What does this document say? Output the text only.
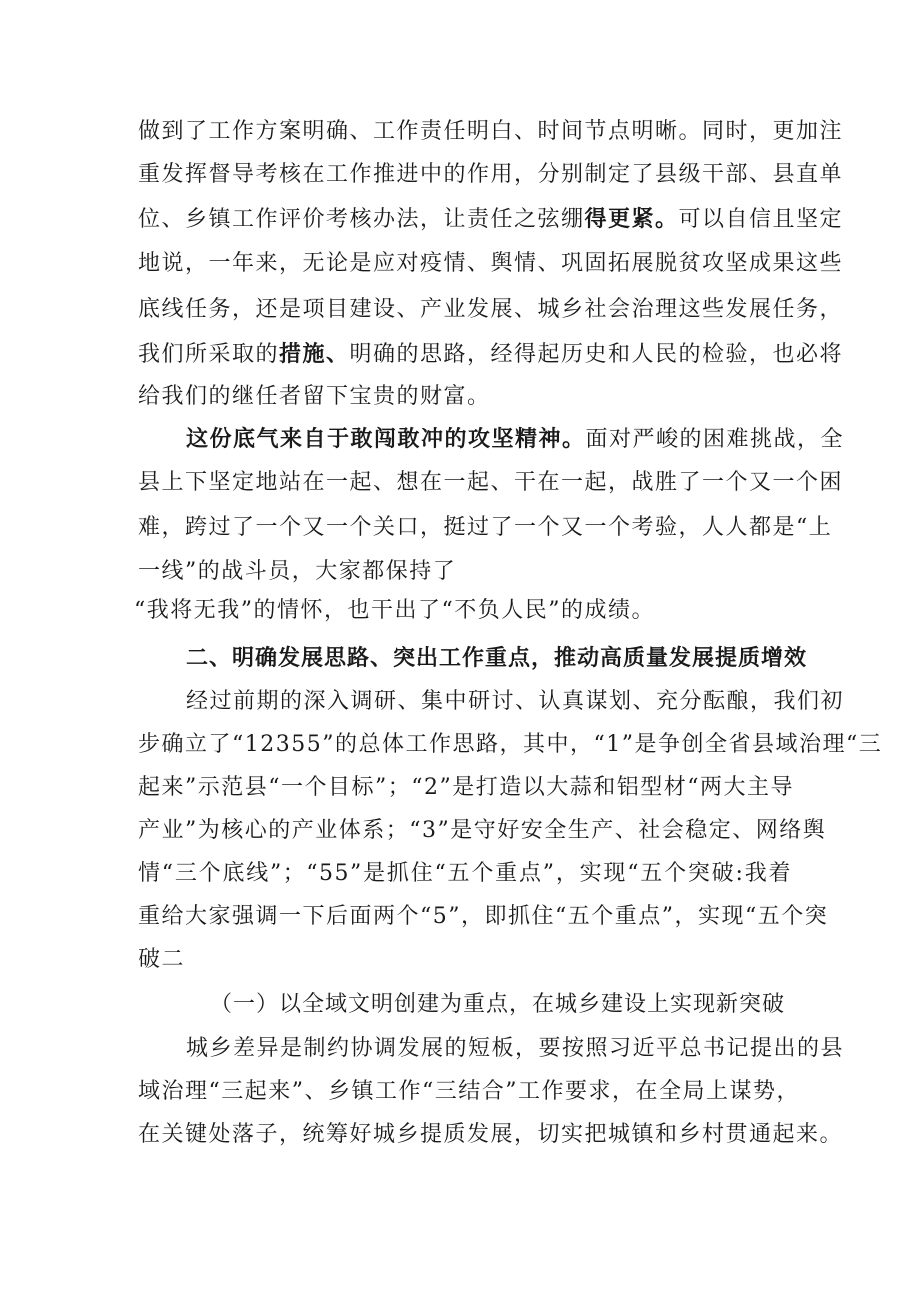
做到了工作方案明确、工作责任明白、时间节点明晰。同时，更加注
重发挥督导考核在工作推进中的作用，分别制定了县级干部、县直单
位、乡镇工作评价考核办法，让责任之弦绷得更紧。可以自信且坚定
地说，一年来，无论是应对疫情、舆情、巩固拓展脱贫攻坚成果这些
底线任务，还是项目建设、产业发展、城乡社会治理这些发展任务，
我们所采取的措施、明确的思路，经得起历史和人民的检验，也必将
给我们的继任者留下宝贵的财富。
这份底气来自于敢闯敢冲的攻坚精神。面对严峻的困难挑战，全
县上下坚定地站在一起、想在一起、干在一起，战胜了一个又一个困
难，跨过了一个又一个关口，挺过了一个又一个考验，人人都是“上
一线”的战斗员，大家都保持了
“我将无我”的情怀，也干出了“不负人民”的成绩。
二、明确发展思路、突出工作重点，推动高质量发展提质增效
经过前期的深入调研、集中研讨、认真谋划、充分酝酿，我们初
步确立了“12355”的总体工作思路，其中，“1”是争创全省县域治理“三
起来”示范县“一个目标”；“2”是打造以大蒜和铝型材“两大主导
产业”为核心的产业体系；“3”是守好安全生产、社会稳定、网络舆
情“三个底线”；“55”是抓住“五个重点”，实现“五个突破:我着
重给大家强调一下后面两个“5”，即抓住“五个重点”，实现“五个突
破二
（一）以全域文明创建为重点，在城乡建设上实现新突破
城乡差异是制约协调发展的短板，要按照习近平总书记提出的县
域治理“三起来”、乡镇工作“三结合”工作要求，在全局上谋势，
在关键处落子，统筹好城乡提质发展，切实把城镇和乡村贯通起来。
